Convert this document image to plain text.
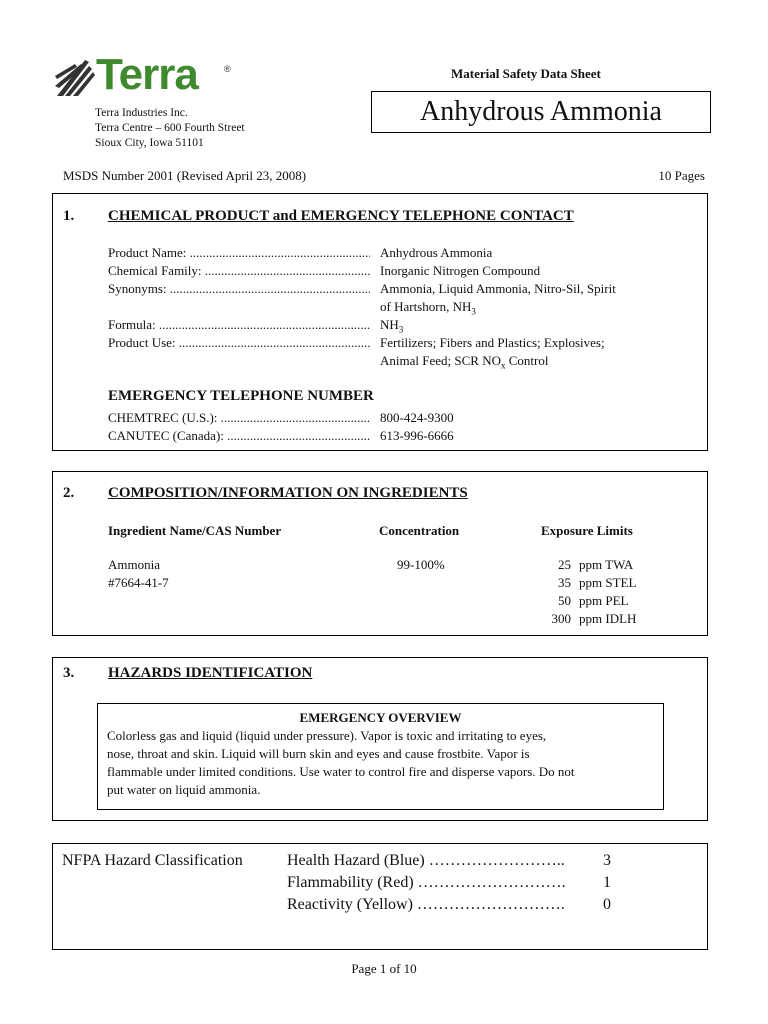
Terra	®
Terra Industries Inc.
Terra Centre – 600 Fourth Street
Sioux City, Iowa 51101
Material Safety Data Sheet
Anhydrous Ammonia
MSDS Number 2001 (Revised April 23, 2008)	10 Pages
1. CHEMICAL PRODUCT and EMERGENCY TELEPHONE CONTACT
Product Name: .....	Anhydrous Ammonia
Chemical Family: .....	Inorganic Nitrogen Compound
Synonyms: .....	Ammonia, Liquid Ammonia, Nitro-Sil, Spirit
of Hartshorn, $NH_3$
Formula: .....	$NH_3$
Product Use: .....	Fertilizers; Fibers and Plastics; Explosives;
Animal Feed; SCR $NO_x$ Control
EMERGENCY TELEPHONE NUMBER
CHEMTREC (U.S.): .....	800-424-9300
CANUTEC (Canada): .....	613-996-6666
2. COMPOSITION/INFORMATION ON INGREDIENTS
Ingredient Name/CAS Number	Concentration	Exposure Limits
Ammonia
#7664-41-7
99-100%	25 ppm TWA
35 ppm STEL
50 ppm PEL
300 ppm IDLH
3. HAZARDS IDENTIFICATION
EMERGENCY OVERVIEW
Colorless gas and liquid (liquid under pressure). Vapor is toxic and irritating to eyes,
nose, throat and skin. Liquid will burn skin and eyes and cause frostbite. Vapor is
flammable under limited conditions. Use water to control fire and disperse vapors. Do not
put water on liquid ammonia.
NFPA Hazard Classification	Health Hazard (Blue) …………………….. 3
Flammability (Red) ………………………. 1
Reactivity (Yellow) ………………………. 0
Page 1 of 10
